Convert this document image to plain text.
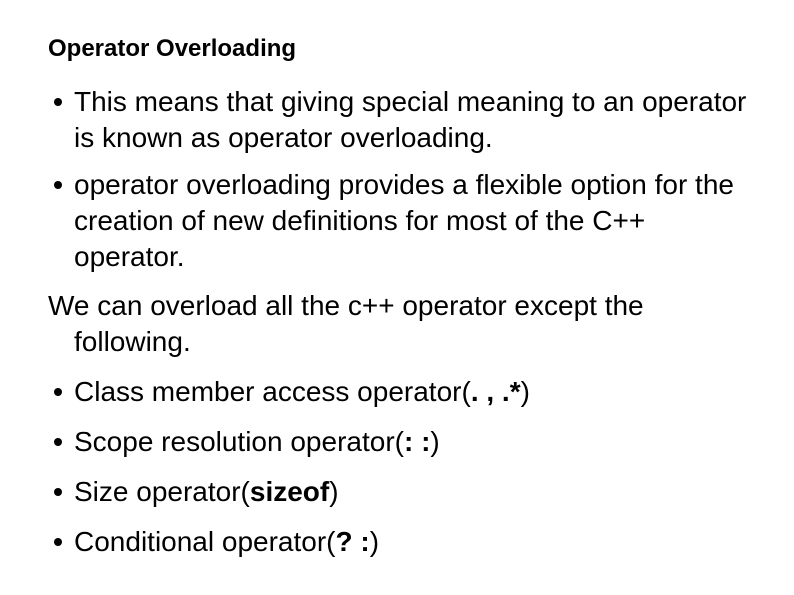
Operator Overloading
This means that giving special meaning to an operator is known as operator overloading.
operator overloading provides a flexible option for the creation of new definitions for most of the C++ operator.
We can overload all the c++ operator except the
following.
Class member access operator(. , .*)
Scope resolution operator(: :)
Size operator(sizeof)
Conditional operator(? :)
